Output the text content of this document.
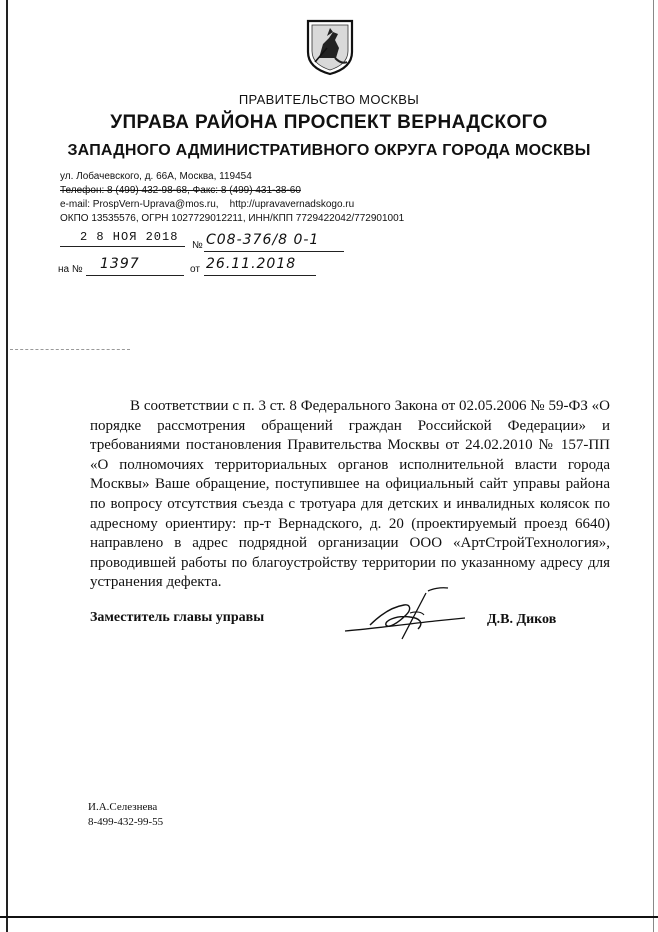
ПРАВИТЕЛЬСТВО МОСКВЫ
УПРАВА РАЙОНА ПРОСПЕКТ ВЕРНАДСКОГО
ЗАПАДНОГО АДМИНИСТРАТИВНОГО ОКРУГА ГОРОДА МОСКВЫ
ул. Лобачевского, д. 66А, Москва, 119454
Телефон: 8 (499) 432-98-68, Факс: 8 (499) 431-38-60
e-mail: ProspVern-Uprava@mos.ru, http://upravavernadskogo.ru
ОКПО 13535576, ОГРН 1027729012211, ИНН/КПП 7729422042/772901001
2 8 НОЯ 2018
№ С08-376/8 0-1
на № 1397	от 26.11.2018

В соответствии с п. 3 ст. 8 Федерального Закона от 02.05.2006 № 59-ФЗ «О порядке рассмотрения обращений граждан Российской Федерации» и требованиями постановления Правительства Москвы от 24.02.2010 № 157-ПП «О полномочиях территориальных органов исполнительной власти города Москвы» Ваше обращение, поступившее на официальный сайт управы района по вопросу отсутствия съезда с тротуара для детских и инвалидных колясок по адресному ориентиру: пр-т Вернадского, д. 20 (проектируемый проезд 6640) направлено в адрес подрядной организации ООО «АртСтройТехнология», проводившей работы по благоустройству территории по указанному адресу для устранения дефекта.

Заместитель главы управы	Д.В. Диков
И.А.Селезнева
8-499-432-99-55
